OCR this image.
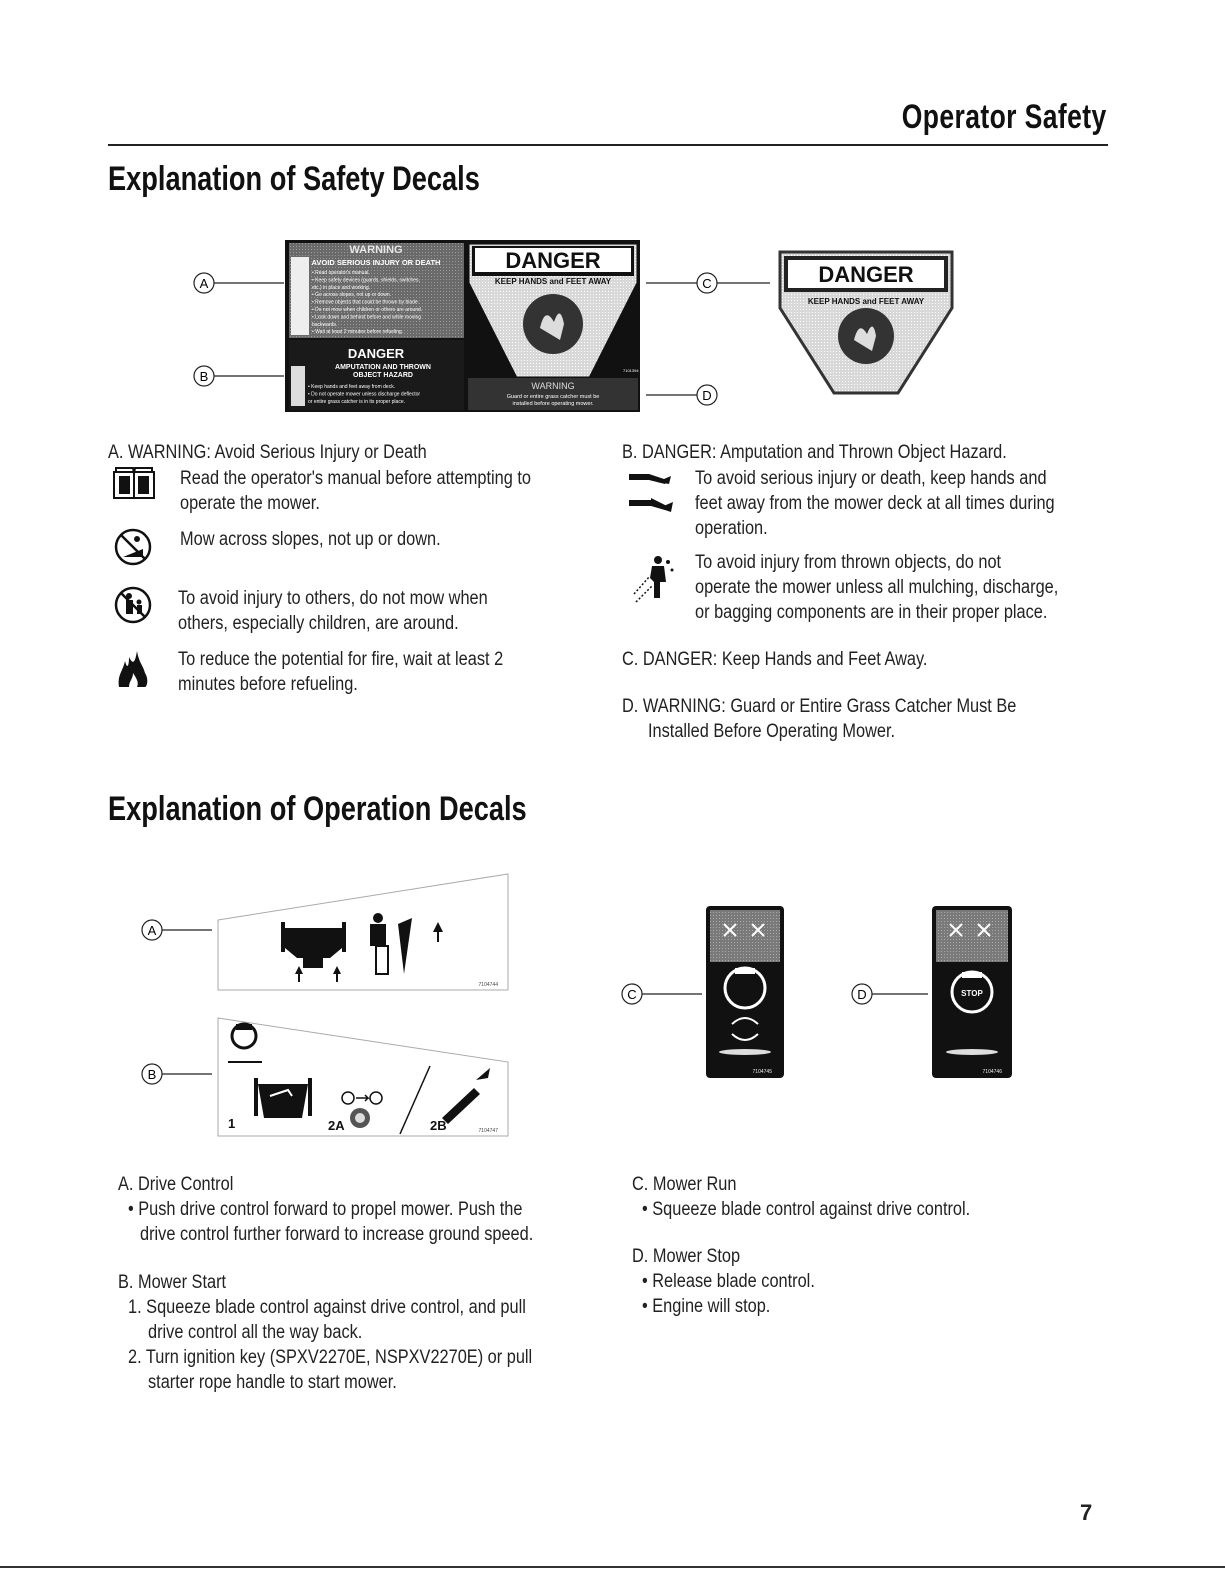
Operator Safety
Explanation of Safety Decals
A
B
WARNING
AVOID SERIOUS INJURY OR DEATH
• Read operator's manual.
• Keep safety devices (guards, shields, switches,
etc.) in place and working.
• Go across slopes, not up or down.
• Remove objects that could be thrown by blade.
• Do not mow when children or others are around.
• Look down and behind before and while moving
backwards.
• Wait at least 2 minutes before refueling.
DANGER
AMPUTATION AND THROWN
OBJECT HAZARD
• Keep hands and feet away from deck.
• Do not operate mower unless discharge deflector
or entire grass catcher is in its proper place.
DANGER
KEEP HANDS and FEET AWAY
WARNING
Guard or entire grass catcher must be
installed before operating mower.
7101394
C
D
DANGER
KEEP HANDS and FEET AWAY
A. WARNING: Avoid Serious Injury or Death
Read the operator's manual before attempting to
operate the mower.
Mow across slopes, not up or down.
To avoid injury to others, do not mow when
others, especially children, are around.
To reduce the potential for fire, wait at least 2
minutes before refueling.
B. DANGER: Amputation and Thrown Object Hazard.
To avoid serious injury or death, keep hands and
feet away from the mower deck at all times during
operation.
To avoid injury from thrown objects, do not
operate the mower unless all mulching, discharge,
or bagging components are in their proper place.
C. DANGER: Keep Hands and Feet Away.
D. WARNING: Guard or Entire Grass Catcher Must Be
Installed Before Operating Mower.
Explanation of Operation Decals
A
7104744
B
1	2A	2B	7104747
C
7104745
D	STOP
7104746
A. Drive Control
• Push drive control forward to propel mower. Push the
drive control further forward to increase ground speed.
B. Mower Start
1. Squeeze blade control against drive control, and pull
drive control all the way back.
2. Turn ignition key (SPXV2270E, NSPXV2270E) or pull
starter rope handle to start mower.
C. Mower Run
• Squeeze blade control against drive control.
D. Mower Stop
• Release blade control.
• Engine will stop.
7
